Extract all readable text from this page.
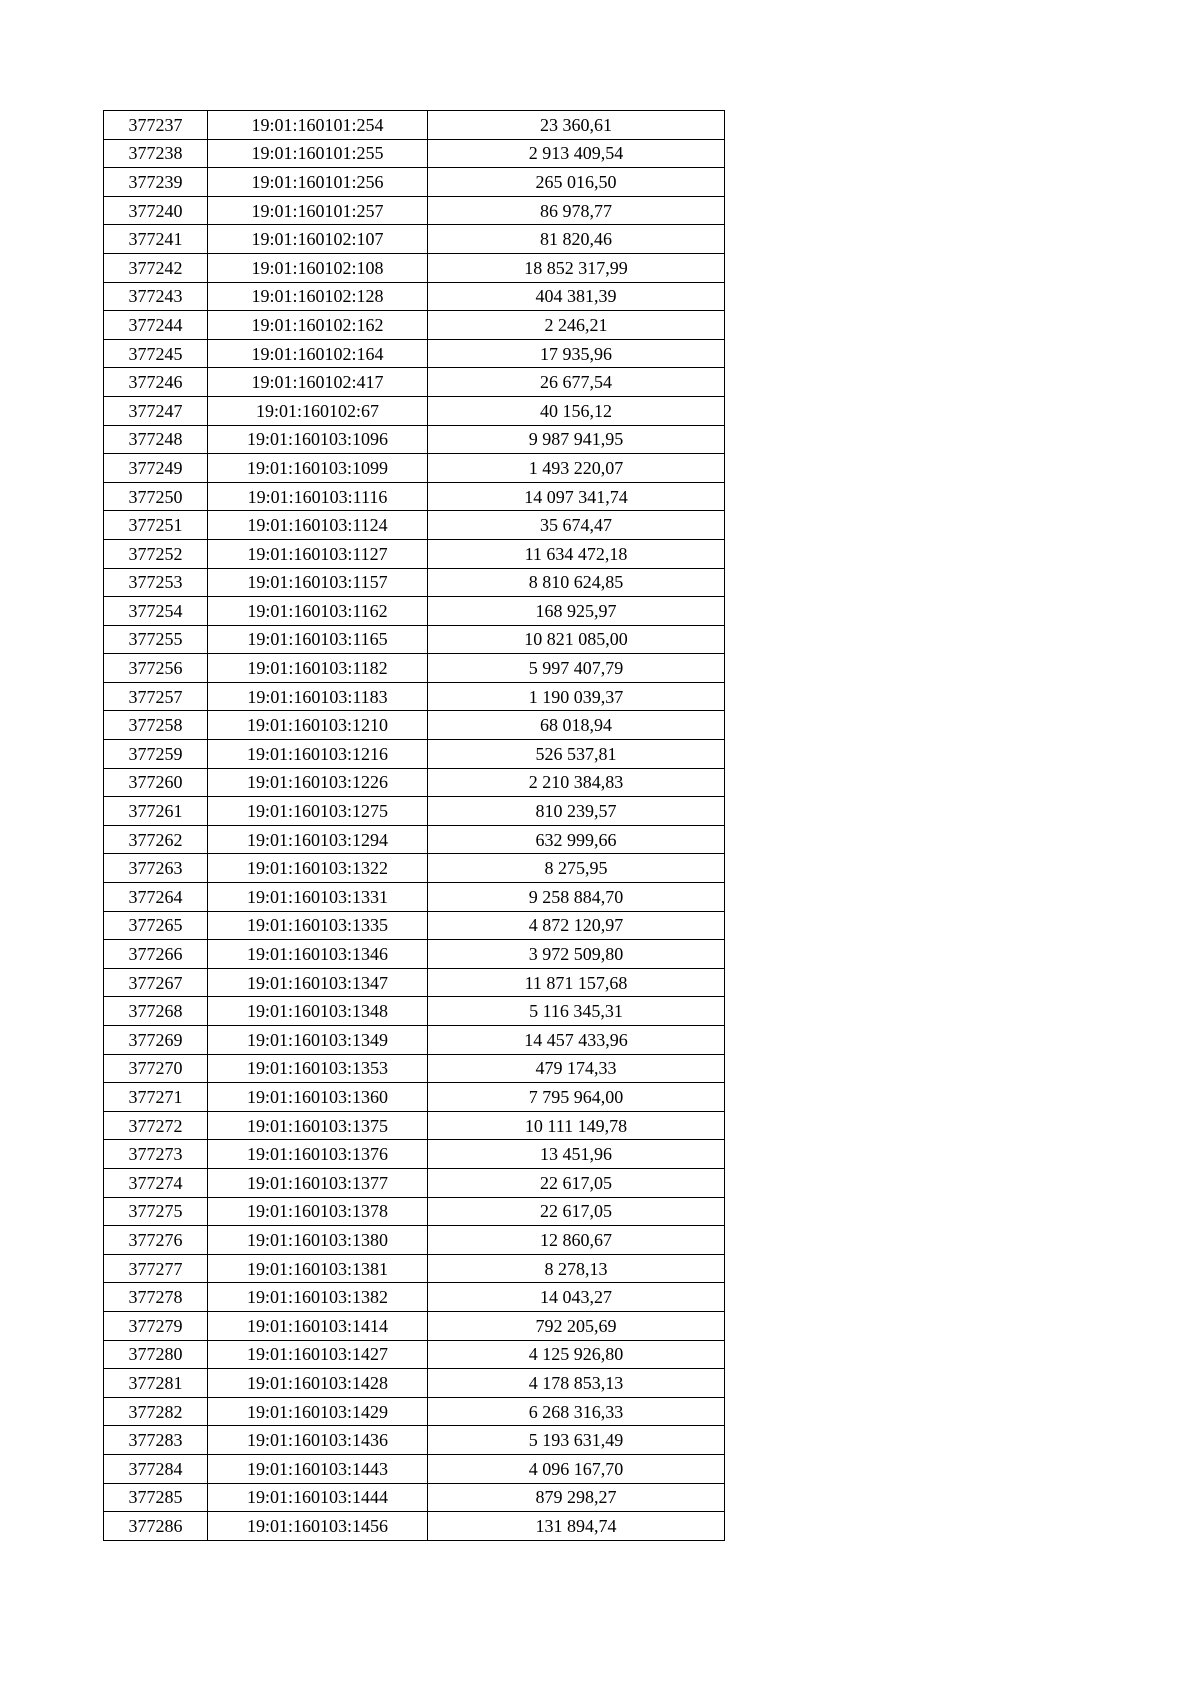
377237	19:01:160101:254	23 360,61
377238	19:01:160101:255	2 913 409,54
377239	19:01:160101:256	265 016,50
377240	19:01:160101:257	86 978,77
377241	19:01:160102:107	81 820,46
377242	19:01:160102:108	18 852 317,99
377243	19:01:160102:128	404 381,39
377244	19:01:160102:162	2 246,21
377245	19:01:160102:164	17 935,96
377246	19:01:160102:417	26 677,54
377247	19:01:160102:67	40 156,12
377248	19:01:160103:1096	9 987 941,95
377249	19:01:160103:1099	1 493 220,07
377250	19:01:160103:1116	14 097 341,74
377251	19:01:160103:1124	35 674,47
377252	19:01:160103:1127	11 634 472,18
377253	19:01:160103:1157	8 810 624,85
377254	19:01:160103:1162	168 925,97
377255	19:01:160103:1165	10 821 085,00
377256	19:01:160103:1182	5 997 407,79
377257	19:01:160103:1183	1 190 039,37
377258	19:01:160103:1210	68 018,94
377259	19:01:160103:1216	526 537,81
377260	19:01:160103:1226	2 210 384,83
377261	19:01:160103:1275	810 239,57
377262	19:01:160103:1294	632 999,66
377263	19:01:160103:1322	8 275,95
377264	19:01:160103:1331	9 258 884,70
377265	19:01:160103:1335	4 872 120,97
377266	19:01:160103:1346	3 972 509,80
377267	19:01:160103:1347	11 871 157,68
377268	19:01:160103:1348	5 116 345,31
377269	19:01:160103:1349	14 457 433,96
377270	19:01:160103:1353	479 174,33
377271	19:01:160103:1360	7 795 964,00
377272	19:01:160103:1375	10 111 149,78
377273	19:01:160103:1376	13 451,96
377274	19:01:160103:1377	22 617,05
377275	19:01:160103:1378	22 617,05
377276	19:01:160103:1380	12 860,67
377277	19:01:160103:1381	8 278,13
377278	19:01:160103:1382	14 043,27
377279	19:01:160103:1414	792 205,69
377280	19:01:160103:1427	4 125 926,80
377281	19:01:160103:1428	4 178 853,13
377282	19:01:160103:1429	6 268 316,33
377283	19:01:160103:1436	5 193 631,49
377284	19:01:160103:1443	4 096 167,70
377285	19:01:160103:1444	879 298,27
377286	19:01:160103:1456	131 894,74
